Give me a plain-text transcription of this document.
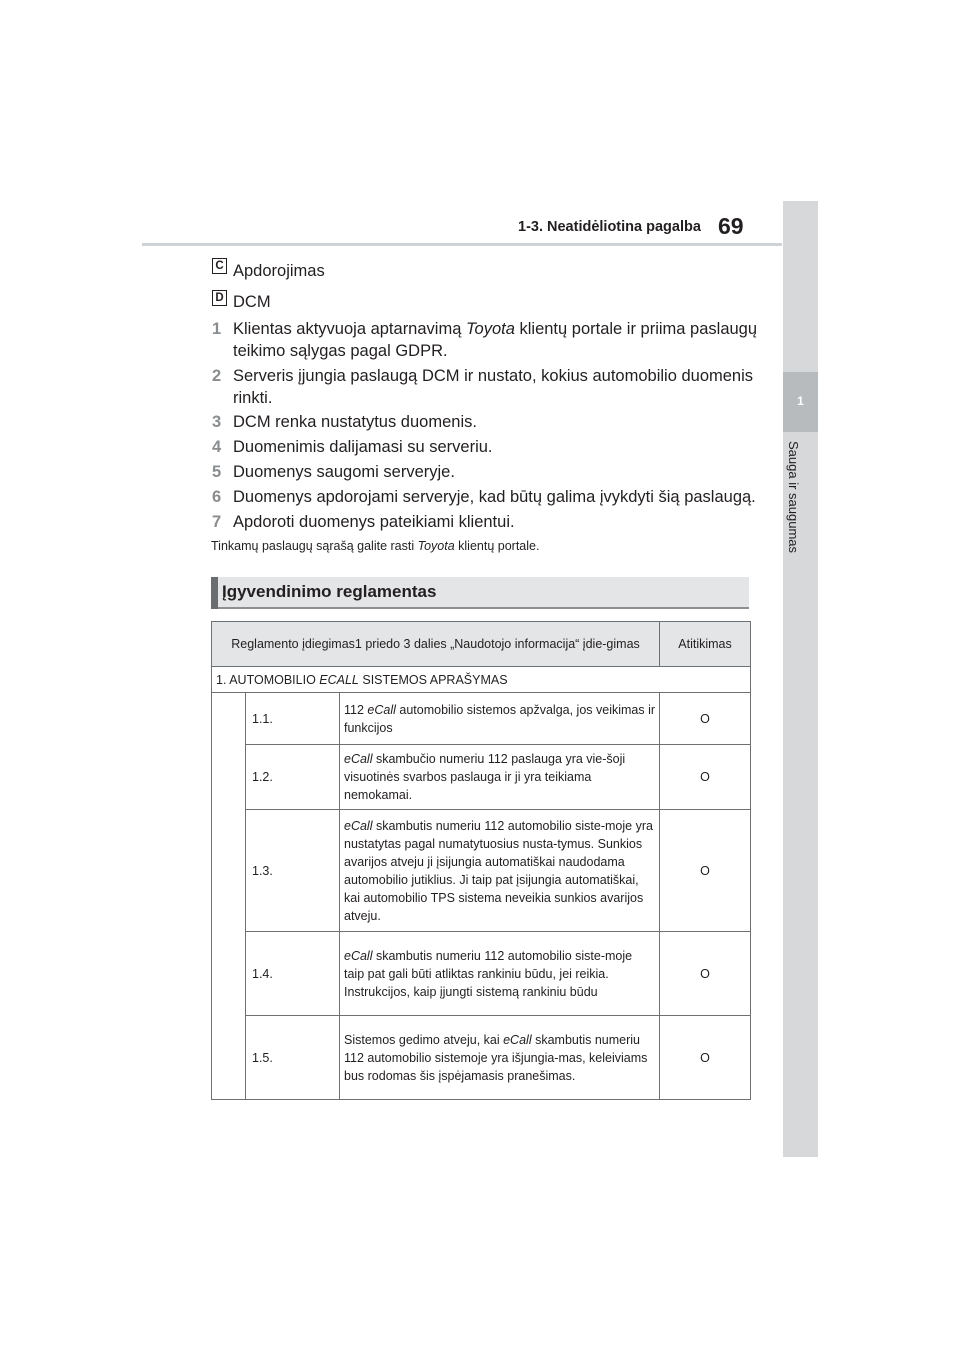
1-3. Neatidėliotina pagalba 69
1
Sauga ir saugumas
C Apdorojimas
D DCM
1 Klientas aktyvuoja aptarnavimą Toyota klientų portale ir priima paslaugų
teikimo sąlygas pagal GDPR.
2 Serveris įjungia paslaugą DCM ir nustato, kokius automobilio duomenis
rinkti.
3 DCM renka nustatytus duomenis.
4 Duomenimis dalijamasi su serveriu.
5 Duomenys saugomi serveryje.
6 Duomenys apdorojami serveryje, kad būtų galima įvykdyti šią paslaugą.
7 Apdoroti duomenys pateikiami klientui.
Tinkamų paslaugų sąrašą galite rasti Toyota klientų portale.
Įgyvendinimo reglamentas
Reglamento įdiegimas1 priedo 3 dalies „Naudotojo informacija“ įdie-gimas			Atitikimas
1. AUTOMOBILIO ECALL SISTEMOS APRAŠYMAS			
	1.1.	112 eCall automobilio sistemos apžvalga, jos veikimas ir funkcijos	O
	1.2.	eCall skambučio numeriu 112 paslauga yra vie-šoji visuotinės svarbos paslauga ir ji yra teikiama nemokamai.	O
	1.3.	eCall skambutis numeriu 112 automobilio siste-moje yra nustatytas pagal numatytuosius nusta-tymus. Sunkios avarijos atveju ji įsijungia automatiškai naudodama automobilio jutiklius. Ji taip pat įsijungia automatiškai, kai automobilio TPS sistema neveikia sunkios avarijos atveju.	O
	1.4.	eCall skambutis numeriu 112 automobilio siste-moje taip pat gali būti atliktas rankiniu būdu, jei reikia. Instrukcijos, kaip įjungti sistemą rankiniu būdu	O
	1.5.	Sistemos gedimo atveju, kai eCall skambutis numeriu 112 automobilio sistemoje yra išjungia-mas, keleiviams bus rodomas šis įspėjamasis pranešimas.	O
